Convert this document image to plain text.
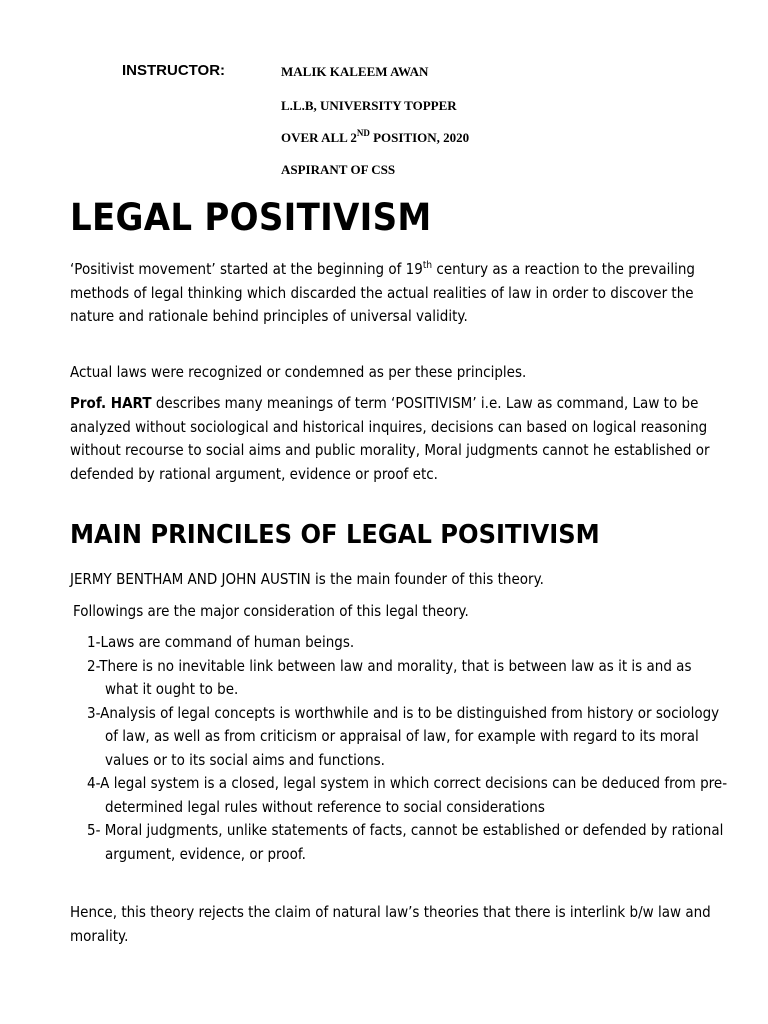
INSTRUCTOR:	MALIK KALEEM AWAN
L.L.B, UNIVERSITY TOPPER
OVER ALL 2ND POSITION, 2020
ASPIRANT OF CSS
LEGAL POSITIVISM
‘Positivist movement’ started at the beginning of 19th century as a reaction to the prevailing methods of legal thinking which discarded the actual realities of law in order to discover the nature and rationale behind principles of universal validity.
Actual laws were recognized or condemned as per these principles.
Prof. HART describes many meanings of term ‘POSITIVISM’ i.e. Law as command, Law to be analyzed without sociological and historical inquires, decisions can based on logical reasoning without recourse to social aims and public morality, Moral judgments cannot he established or defended by rational argument, evidence or proof etc.
MAIN PRINCILES OF LEGAL POSITIVISM
JERMY BENTHAM AND JOHN AUSTIN is the main founder of this theory.
Followings are the major consideration of this legal theory.
1-Laws are command of human beings.
2-There is no inevitable link between law and morality, that is between law as it is and as what it ought to be.
3-Analysis of legal concepts is worthwhile and is to be distinguished from history or sociology of law, as well as from criticism or appraisal of law, for example with regard to its moral values or to its social aims and functions.
4-A legal system is a closed, legal system in which correct decisions can be deduced from pre-determined legal rules without reference to social considerations
5- Moral judgments, unlike statements of facts, cannot be established or defended by rational argument, evidence, or proof.
Hence, this theory rejects the claim of natural law’s theories that there is interlink b/w law and morality.
